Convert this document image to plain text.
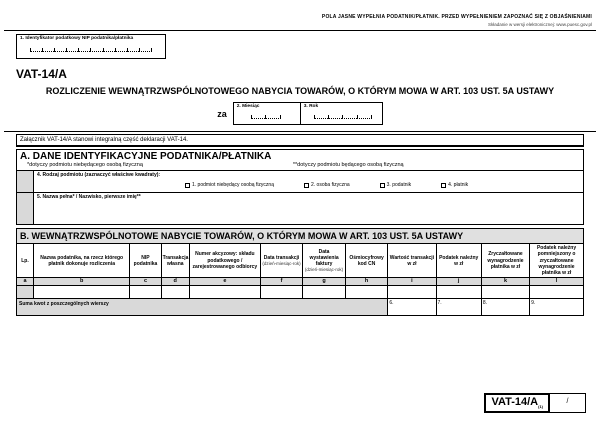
POLA JASNE WYPEŁNIA PODATNIK/PŁATNIK. PRZED WYPEŁNIENIEM ZAPOZNAĆ SIĘ Z OBJAŚNIENIAMI
Składanie w wersji elektronicznej: www.puesc.gov.pl
1. Identyfikator podatkowy NIP podatnika/płatnika
VAT-14/A
ROZLICZENIE WEWNĄTRZWSPÓLNOTOWEGO NABYCIA TOWARÓW, O KTÓRYM MOWA W ART. 103 UST. 5A USTAWY
za
2. Miesiąc	3. Rok
Załącznik VAT-14/A stanowi integralną część deklaracji VAT-14.
A. DANE IDENTYFIKACYJNE PODATNIKA/PŁATNIKA
*dotyczy podmiotu niebędącego osobą fizyczną	**dotyczy podmiotu będącego osobą fizyczną
4. Rodzaj podmiotu (zaznaczyć właściwe kwadraty):
1. podmiot niebędący osobą fizyczną	2. osoba fizyczna	3. podatnik	4. płatnik
5. Nazwa pełna* / Nazwisko, pierwsze imię**
B. WEWNĄTRZWSPÓLNOTOWE NABYCIE TOWARÓW, O KTÓRYM MOWA W ART. 103 UST. 5A USTAWY
Lp.	Nazwa podatnika, na rzecz którego płatnik dokonuje rozliczenia	NIP podatnika	Transakcja własna	Numer akcyzowy: składu podatkowego / zarejestrowanego odbiorcy	Data transakcji
(dzień-miesiąc-rok)	Data wystawienia faktury
(dzień-miesiąc-rok)	Ośmiocyfrowy kod CN	Wartość transakcji w zł	Podatek należny w zł	Zryczałtowane wynagrodzenie płatnika w zł	Podatek należny pomniejszony o zryczałtowane wynagrodzenie płatnika w zł
a	b	c	d	e	f	g	h	i	j	k	l

Suma kwot z poszczególnych wierszy								6.	7.	8.	9.
VAT-$14/A_{(1)}$
/
